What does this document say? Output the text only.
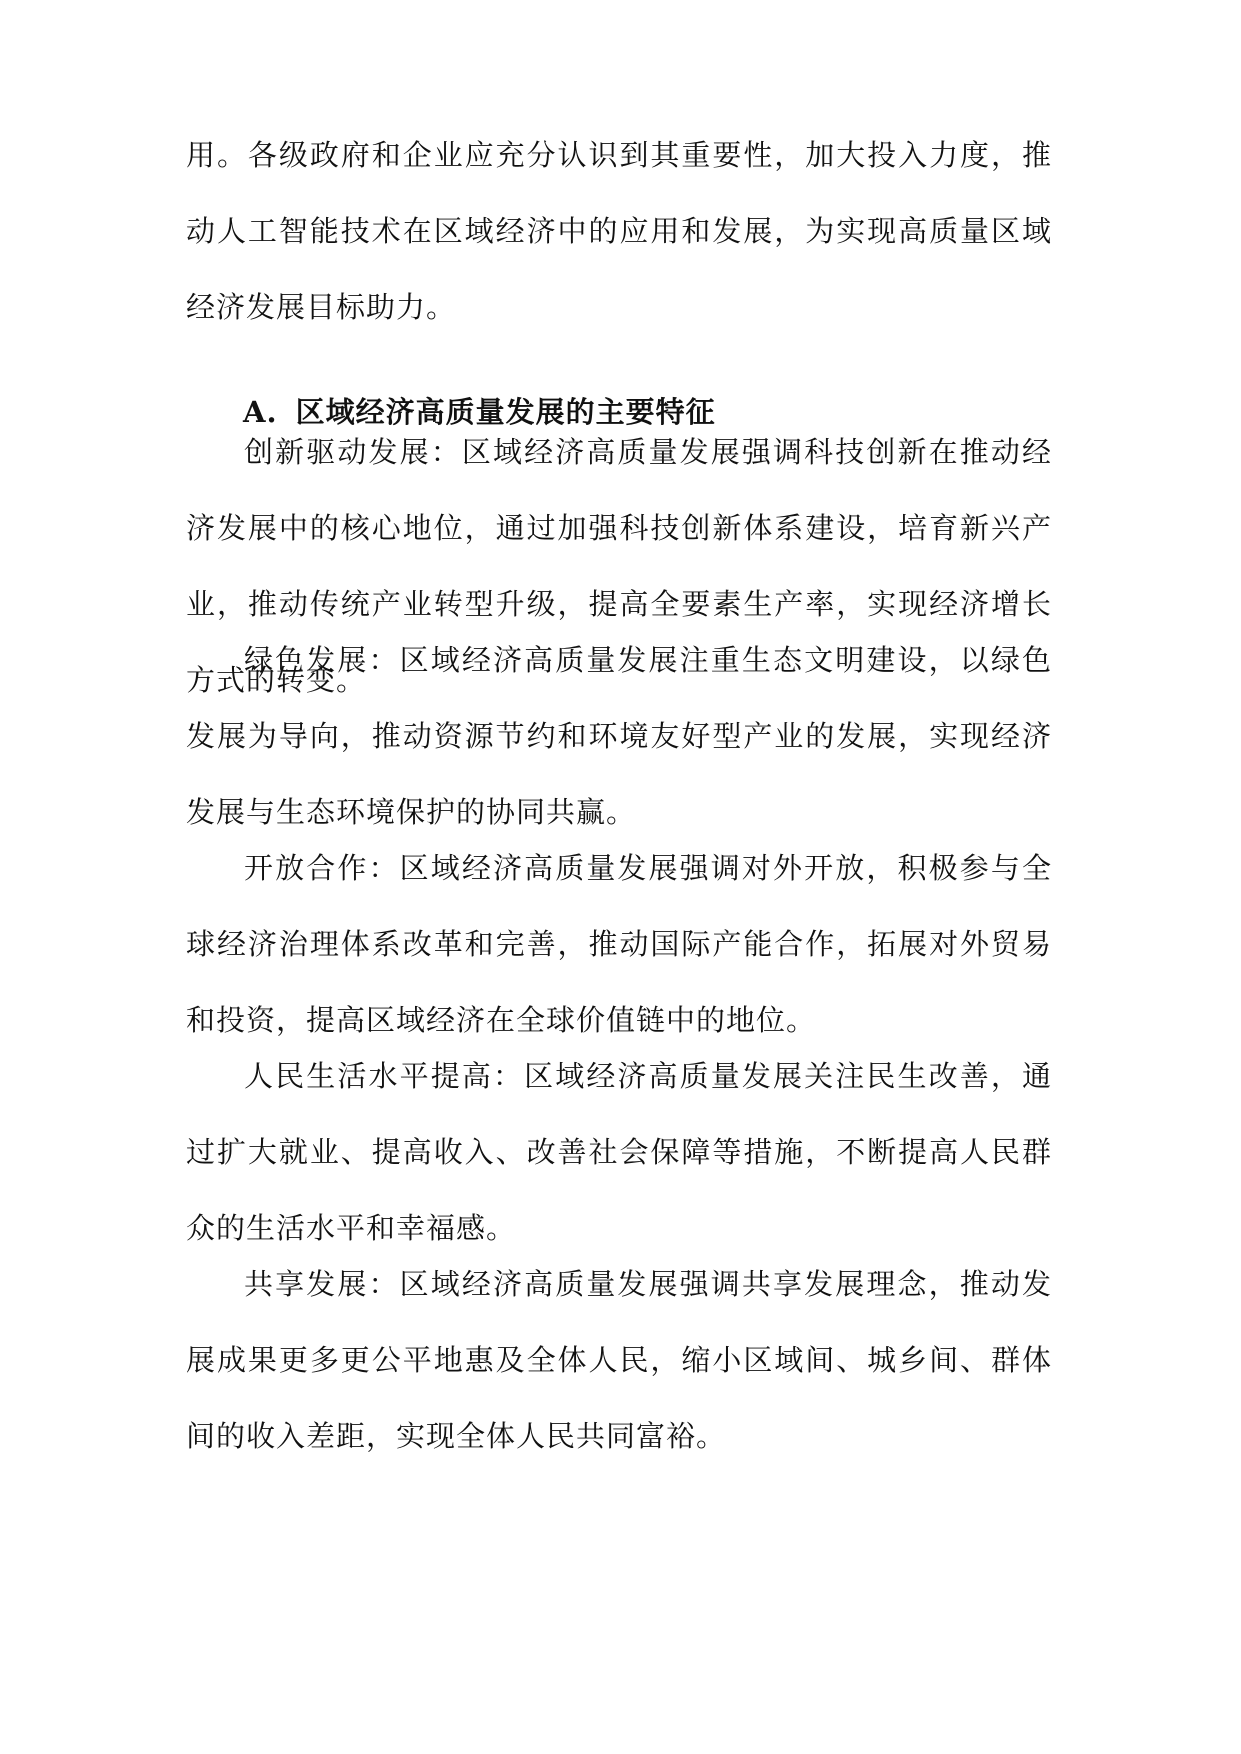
用。各级政府和企业应充分认识到其重要性，加大投入力度，推动人工智能技术在区域经济中的应用和发展，为实现高质量区域经济发展目标助力。

A. 区域经济高质量发展的主要特征

创新驱动发展：区域经济高质量发展强调科技创新在推动经济发展中的核心地位，通过加强科技创新体系建设，培育新兴产业，推动传统产业转型升级，提高全要素生产率，实现经济增长方式的转变。

绿色发展：区域经济高质量发展注重生态文明建设，以绿色发展为导向，推动资源节约和环境友好型产业的发展，实现经济发展与生态环境保护的协同共赢。

开放合作：区域经济高质量发展强调对外开放，积极参与全球经济治理体系改革和完善，推动国际产能合作，拓展对外贸易和投资，提高区域经济在全球价值链中的地位。

人民生活水平提高：区域经济高质量发展关注民生改善，通过扩大就业、提高收入、改善社会保障等措施，不断提高人民群众的生活水平和幸福感。

共享发展：区域经济高质量发展强调共享发展理念，推动发展成果更多更公平地惠及全体人民，缩小区域间、城乡间、群体间的收入差距，实现全体人民共同富裕。
